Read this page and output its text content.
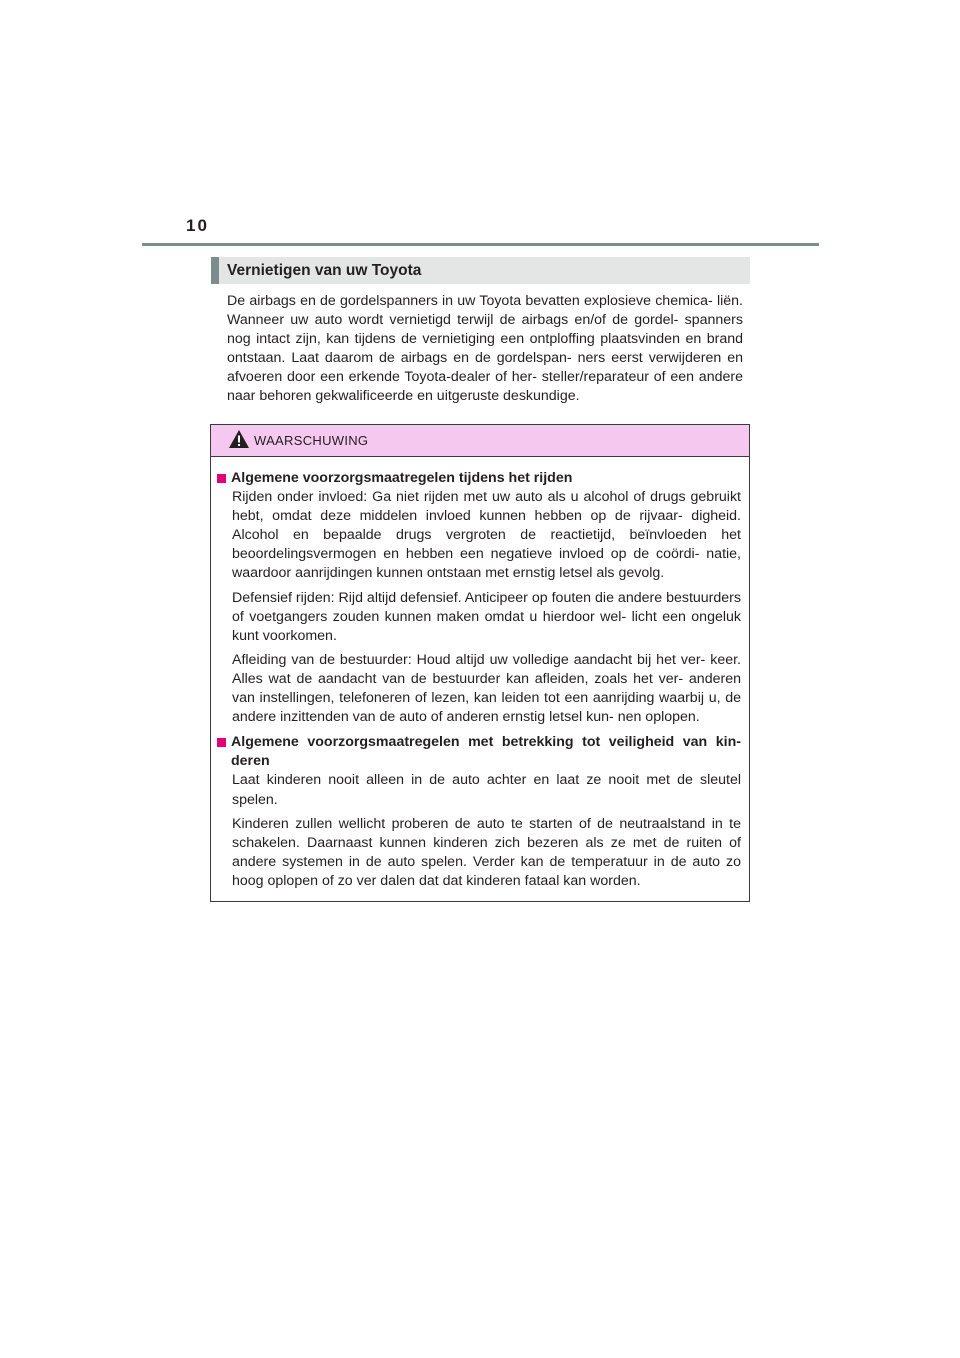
10
Vernietigen van uw Toyota
De airbags en de gordelspanners in uw Toyota bevatten explosieve chemica- liën. Wanneer uw auto wordt vernietigd terwijl de airbags en/of de gordel- spanners nog intact zijn, kan tijdens de vernietiging een ontploffing plaatsvinden en brand ontstaan. Laat daarom de airbags en de gordelspan- ners eerst verwijderen en afvoeren door een erkende Toyota-dealer of her- steller/reparateur of een andere naar behoren gekwalificeerde en uitgeruste deskundige.
WAARSCHUWING
Algemene voorzorgsmaatregelen tijdens het rijden

Rijden onder invloed: Ga niet rijden met uw auto als u alcohol of drugs gebruikt hebt, omdat deze middelen invloed kunnen hebben op de rijvaar- digheid. Alcohol en bepaalde drugs vergroten de reactietijd, beïnvloeden het beoordelingsvermogen en hebben een negatieve invloed op de coördi- natie, waardoor aanrijdingen kunnen ontstaan met ernstig letsel als gevolg.

Defensief rijden: Rijd altijd defensief. Anticipeer op fouten die andere bestuurders of voetgangers zouden kunnen maken omdat u hierdoor wel- licht een ongeluk kunt voorkomen.

Afleiding van de bestuurder: Houd altijd uw volledige aandacht bij het ver- keer. Alles wat de aandacht van de bestuurder kan afleiden, zoals het ver- anderen van instellingen, telefoneren of lezen, kan leiden tot een aanrijding waarbij u, de andere inzittenden van de auto of anderen ernstig letsel kun- nen oplopen.

Algemene voorzorgsmaatregelen met betrekking tot veiligheid van kin- deren

Laat kinderen nooit alleen in de auto achter en laat ze nooit met de sleutel spelen.

Kinderen zullen wellicht proberen de auto te starten of de neutraalstand in te schakelen. Daarnaast kunnen kinderen zich bezeren als ze met de ruiten of andere systemen in de auto spelen. Verder kan de temperatuur in de auto zo hoog oplopen of zo ver dalen dat dat kinderen fataal kan worden.
